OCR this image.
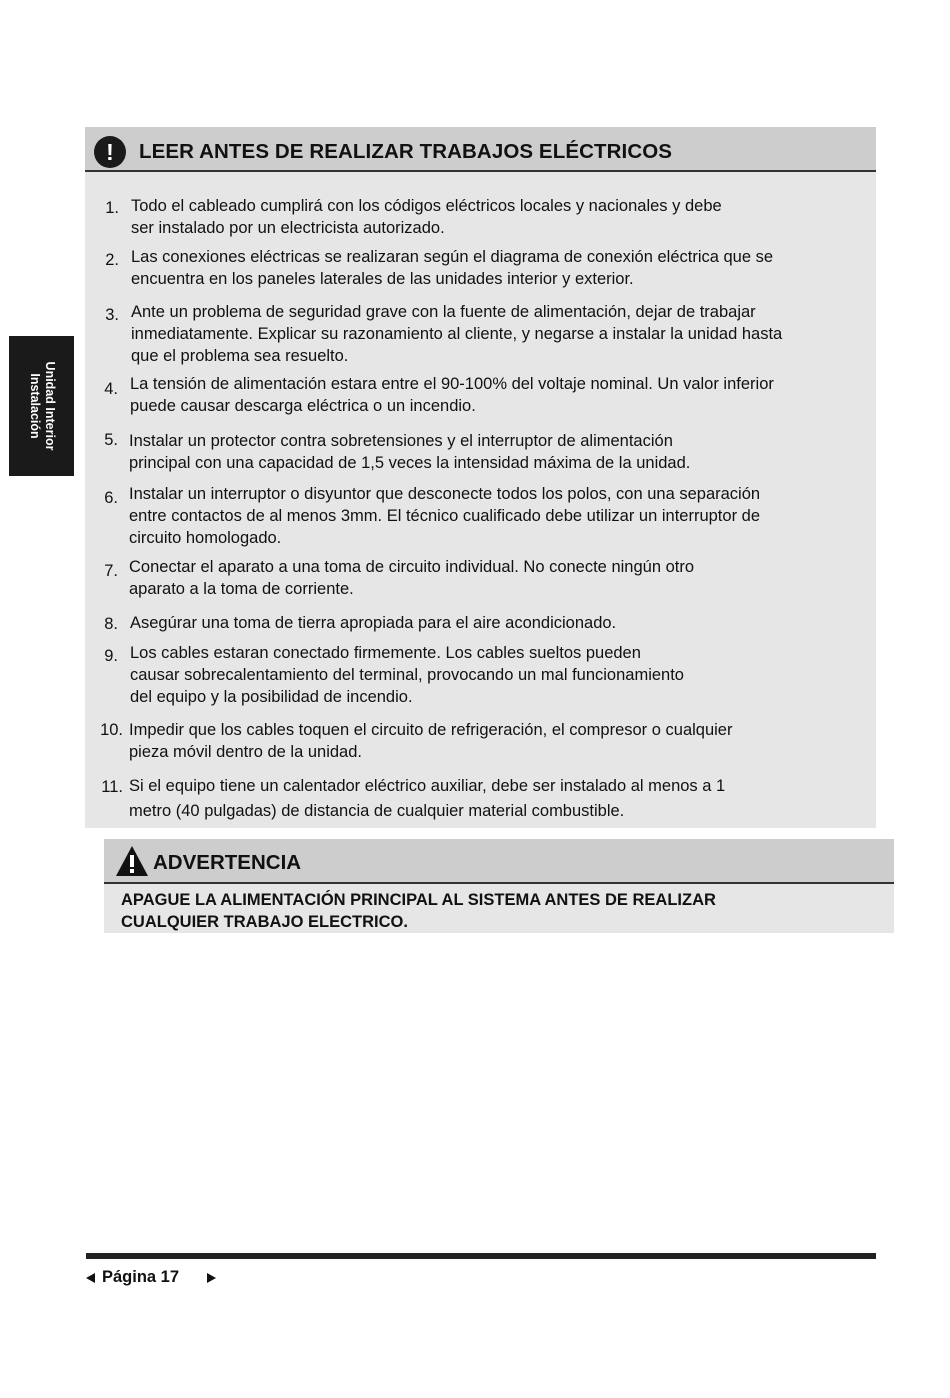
Unidad Interior
Instalación
!	LEER ANTES DE REALIZAR TRABAJOS ELÉCTRICOS
1. Todo el cableado cumplirá con los códigos eléctricos locales y nacionales y debe
ser instalado por un electricista autorizado.
2. Las conexiones eléctricas se realizaran según el diagrama de conexión eléctrica que se
encuentra en los paneles laterales de las unidades interior y exterior.
3. Ante un problema de seguridad grave con la fuente de alimentación, dejar de trabajar
inmediatamente. Explicar su razonamiento al cliente, y negarse a instalar la unidad hasta
que el problema sea resuelto.
4. La tensión de alimentación estara entre el 90-100% del voltaje nominal. Un valor inferior
puede causar descarga eléctrica o un incendio.
5. Instalar un protector contra sobretensiones y el interruptor de alimentación
principal con una capacidad de 1,5 veces la intensidad máxima de la unidad.
6. Instalar un interruptor o disyuntor que desconecte todos los polos, con una separación
entre contactos de al menos 3mm. El técnico cualificado debe utilizar un interruptor de
circuito homologado.
7. Conectar el aparato a una toma de circuito individual. No conecte ningún otro
aparato a la toma de corriente.
8. Asegúrar una toma de tierra apropiada para el aire acondicionado.
9. Los cables estaran conectado firmemente. Los cables sueltos pueden
causar sobrecalentamiento del terminal, provocando un mal funcionamiento
del equipo y la posibilidad de incendio.
10. Impedir que los cables toquen el circuito de refrigeración, el compresor o cualquier
pieza móvil dentro de la unidad.
11. Si el equipo tiene un calentador eléctrico auxiliar, debe ser instalado al menos a 1
metro (40 pulgadas) de distancia de cualquier material combustible.
ADVERTENCIA
APAGUE LA ALIMENTACIÓN PRINCIPAL AL SISTEMA ANTES DE REALIZAR
CUALQUIER TRABAJO ELECTRICO.
Página 17
